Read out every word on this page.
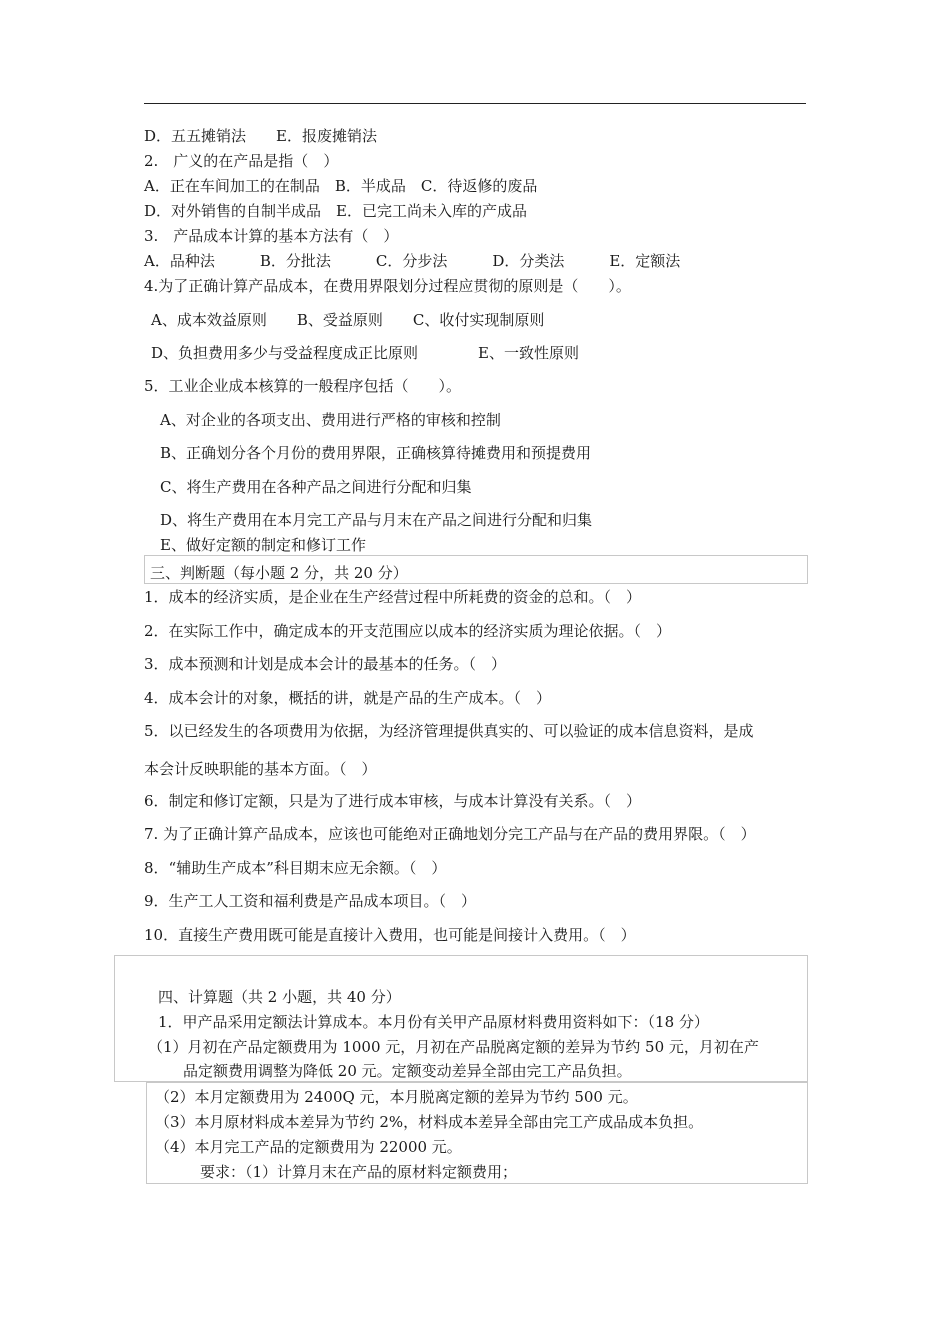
D．五五摊销法　　E．报废摊销法
2.　广义的在产品是指（　）
A．正在车间加工的在制品　B．半成品　C．待返修的废品
D．对外销售的自制半成品　E．已完工尚未入库的产成品
3.　产品成本计算的基本方法有（　）
A．品种法　　　B．分批法　　　C．分步法　　　D．分类法　　　E．定额法
4.为了正确计算产品成本，在费用界限划分过程应贯彻的原则是（　　）。
A、成本效益原则　　B、受益原则　　C、收付实现制原则
D、负担费用多少与受益程度成正比原则　　　　E、一致性原则
5．工业企业成本核算的一般程序包括（　　）。
A、对企业的各项支出、费用进行严格的审核和控制
B、正确划分各个月份的费用界限，正确核算待摊费用和预提费用
C、将生产费用在各种产品之间进行分配和归集
D、将生产费用在本月完工产品与月末在产品之间进行分配和归集
E、做好定额的制定和修订工作
三、判断题（每小题 2 分，共 20 分）
1．成本的经济实质，是企业在生产经营过程中所耗费的资金的总和。（　）
2．在实际工作中，确定成本的开支范围应以成本的经济实质为理论依据。（　）
3．成本预测和计划是成本会计的最基本的任务。（　）
4．成本会计的对象，概括的讲，就是产品的生产成本。（　）
5．以已经发生的各项费用为依据，为经济管理提供真实的、可以验证的成本信息资料，是成
本会计反映职能的基本方面。（　）
6．制定和修订定额，只是为了进行成本审核，与成本计算没有关系。（　）
7. 为了正确计算产品成本，应该也可能绝对正确地划分完工产品与在产品的费用界限。（　）
8．“辅助生产成本”科目期末应无余额。（　）
9．生产工人工资和福利费是产品成本项目。（　）
10．直接生产费用既可能是直接计入费用，也可能是间接计入费用。（　）
四、计算题（共 2 小题，共 40 分）
1．甲产品采用定额法计算成本。本月份有关甲产品原材料费用资料如下：（18 分）
（1）月初在产品定额费用为 1000 元，月初在产品脱离定额的差异为节约 50 元，月初在产
品定额费用调整为降低 20 元。定额变动差异全部由完工产品负担。
（2）本月定额费用为 2400Q 元，本月脱离定额的差异为节约 500 元。
（3）本月原材料成本差异为节约 2%，材料成本差异全部由完工产成品成本负担。
（4）本月完工产品的定额费用为 22000 元。
要求：（1）计算月末在产品的原材料定额费用；
